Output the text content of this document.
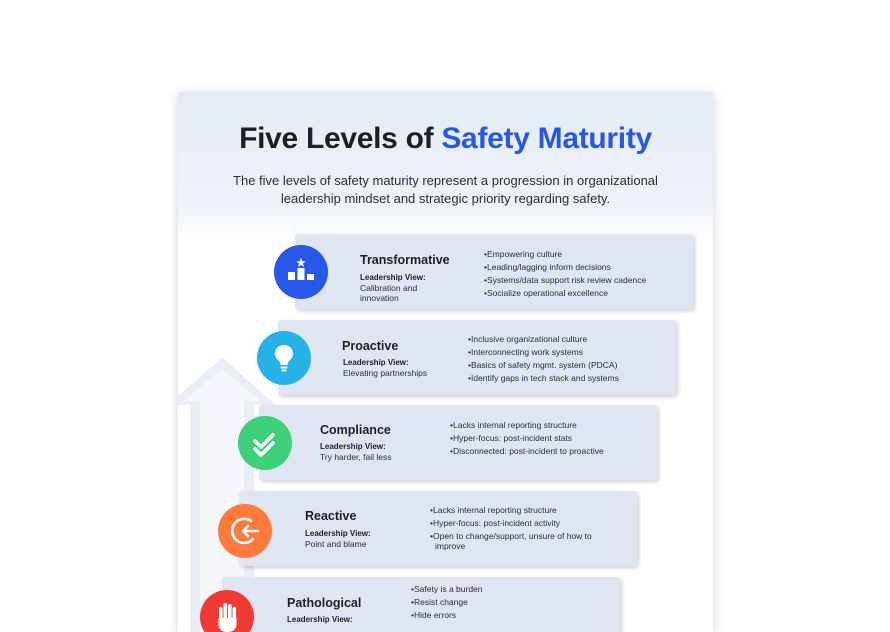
Five Levels of Safety Maturity
The five levels of safety maturity represent a progression in organizational leadership mindset and strategic priority regarding safety.
Transformative
Leadership View:
Calibration and innovation
• Empowering culture
• Leading/lagging inform decisions
• Systems/data support risk review cadence
• Socialize operational excellence
Proactive
Leadership View:
Elevating partnerships
• Inclusive organizational culture
• Interconnecting work systems
• Basics of safety mgmt. system (PDCA)
• Identify gaps in tech stack and systems
Compliance
Leadership View:
Try harder, fail less
• Lacks internal reporting structure
• Hyper-focus: post-incident stats
• Disconnected: post-incident to proactive
Reactive
Leadership View:
Point and blame
• Lacks internal reporting structure
• Hyper-focus: post-incident activity
• Open to change/support, unsure of how to improve
Pathological
Leadership View:
• Safety is a burden
• Resist change
• Hide errors
